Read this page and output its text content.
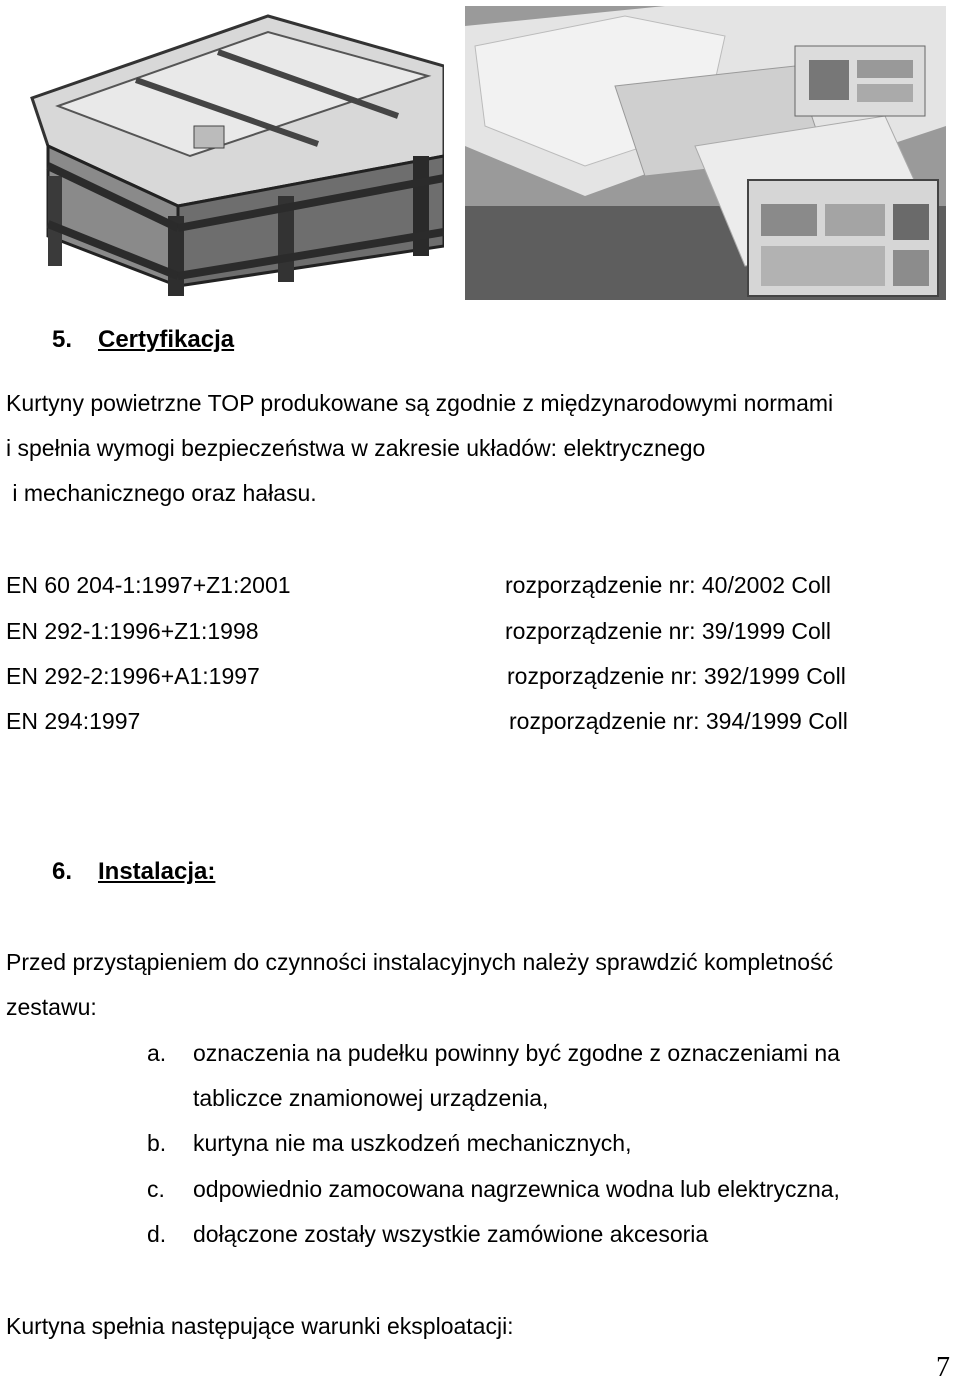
5. Certyfikacja
Kurtyny powietrzne TOP produkowane są zgodnie z międzynarodowymi normami
i spełnia wymogi bezpieczeństwa w zakresie układów: elektrycznego
i mechanicznego oraz hałasu.
EN 60 204-1:1997+Z1:2001
EN 292-1:1996+Z1:1998
EN 292-2:1996+A1:1997
EN 294:1997
rozporządzenie nr: 40/2002 Coll
rozporządzenie nr: 39/1999 Coll
rozporządzenie nr: 392/1999 Coll
rozporządzenie nr: 394/1999 Coll
6. Instalacja:
Przed przystąpieniem do czynności instalacyjnych należy sprawdzić kompletność
zestawu:
a. oznaczenia na pudełku powinny być zgodne z oznaczeniami na
tabliczce znamionowej urządzenia,
b. kurtyna nie ma uszkodzeń mechanicznych,
c. odpowiednio zamocowana nagrzewnica wodna lub elektryczna,
d. dołączone zostały wszystkie zamówione akcesoria
Kurtyna spełnia następujące warunki eksploatacji:
7
